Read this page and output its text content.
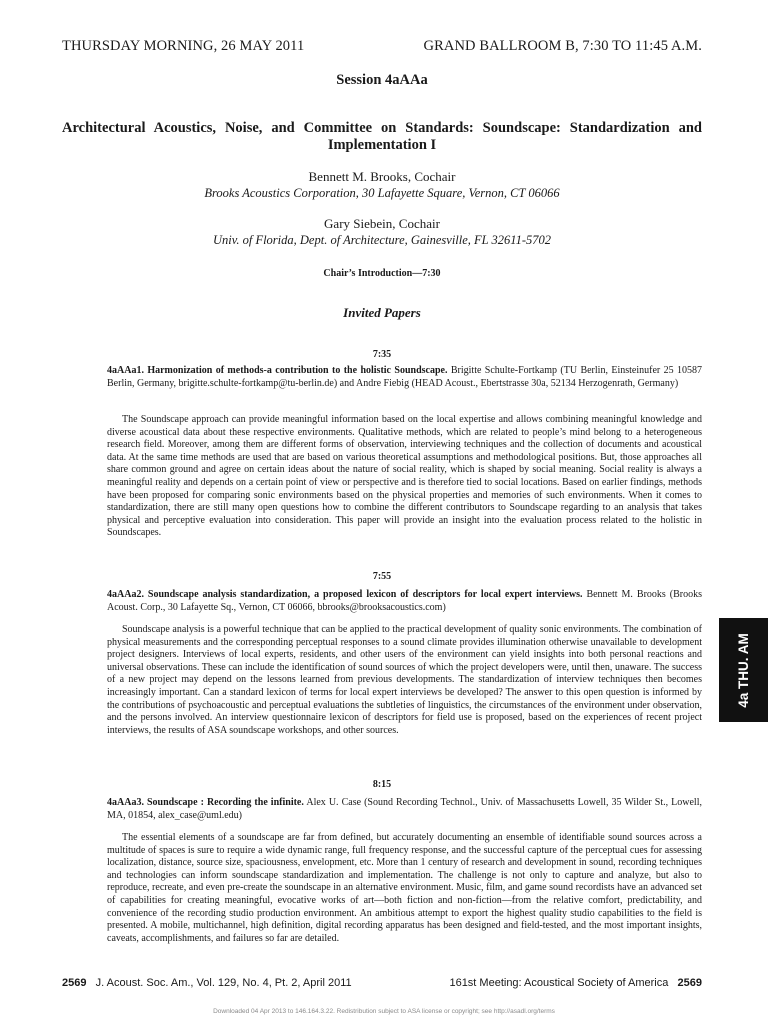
THURSDAY MORNING, 26 MAY 2011	GRAND BALLROOM B, 7:30 TO 11:45 A.M.
Session 4aAAa
Architectural Acoustics, Noise, and Committee on Standards: Soundscape: Standardization and Implementation I
Bennett M. Brooks, Cochair
Brooks Acoustics Corporation, 30 Lafayette Square, Vernon, CT 06066
Gary Siebein, Cochair
Univ. of Florida, Dept. of Architecture, Gainesville, FL 32611-5702
Chair’s Introduction—7:30
Invited Papers
7:35

4aAAa1. Harmonization of methods-a contribution to the holistic Soundscape. Brigitte Schulte-Fortkamp (TU Berlin, Einsteinufer 25 10587 Berlin, Germany, brigitte.schulte-fortkamp@tu-berlin.de) and Andre Fiebig (HEAD Acoust., Ebertstrasse 30a, 52134 Herzogenrath, Germany)

The Soundscape approach can provide meaningful information based on the local expertise and allows combining meaningful knowledge and diverse acoustical data about these respective environments. Qualitative methods, which are related to people’s mind belong to a heterogeneous research field. Moreover, among them are different forms of observation, interviewing techniques and the collection of documents and acoustical data. At the same time methods are used that are based on various theoretical assumptions and methodological positions. But, those approaches all share common ground and agree on certain ideas about the nature of social reality, which is shaped by social meaning. Social reality is always a meaningful reality and depends on a certain point of view or perspective and is therefore tied to social locations. Based on earlier findings, methods have been proposed for comparing sonic environments based on the physical properties and memories of such environments. When it comes to standardization, there are still many open questions how to combine the different contributors to Soundscape regarding to an analysis that takes physical and perceptive evaluation into consideration. This paper will provide an insight into the evaluation process related to the holistic in Soundscapes.

7:55

4aAAa2. Soundscape analysis standardization, a proposed lexicon of descriptors for local expert interviews. Bennett M. Brooks (Brooks Acoust. Corp., 30 Lafayette Sq., Vernon, CT 06066, bbrooks@brooksacoustics.com)

Soundscape analysis is a powerful technique that can be applied to the practical development of quality sonic environments. The combination of physical measurements and the corresponding perceptual responses to a sound climate provides illumination otherwise unavailable to development project designers. Interviews of local experts, residents, and other users of the environment can yield insights into both personal reactions and universal observations. These can include the identification of sound sources of which the project developers were, until then, unaware. The success of a new project may depend on the lessons learned from previous developments. The standardization of interview techniques then becomes increasingly important. Can a standard lexicon of terms for local expert interviews be developed? The answer to this open question is informed by the contributions of psychoacoustic and perceptual evaluations the subtleties of linguistics, the circumstances of the environment under observation, and the persons involved. An interview questionnaire lexicon of descriptors for field use is proposed, based on the experiences of recent project interviews, the results of ASA soundscape workshops, and other sources.

8:15

4aAAa3. Soundscape : Recording the infinite. Alex U. Case (Sound Recording Technol., Univ. of Massachusetts Lowell, 35 Wilder St., Lowell, MA, 01854, alex_case@uml.edu)

The essential elements of a soundscape are far from defined, but accurately documenting an ensemble of identifiable sound sources across a multitude of spaces is sure to require a wide dynamic range, full frequency response, and the successful capture of the perceptual cues for assessing localization, distance, source size, spaciousness, envelopment, etc. More than 1 century of research and development in sound, recording techniques and technologies can inform soundscape standardization and implementation. The challenge is not only to capture and analyze, but also to reproduce, recreate, and even pre-create the soundscape in an alternative environment. Music, film, and game sound recordists have an advanced set of capabilities for creating meaningful, evocative works of art—both fiction and non-fiction—from the relative comfort, predictability, and convenience of the recording studio production environment. An ambitious attempt to export the highest quality studio capabilities to the field is presented. A mobile, multichannel, high definition, digital recording apparatus has been designed and field-tested, and the most important insights, caveats, accomplishments, and failures so far are detailed.

4a THU. AM
2569 J. Acoust. Soc. Am., Vol. 129, No. 4, Pt. 2, April 2011	161st Meeting: Acoustical Society of America 2569
Downloaded 04 Apr 2013 to 146.164.3.22. Redistribution subject to ASA license or copyright; see http://asadl.org/terms
